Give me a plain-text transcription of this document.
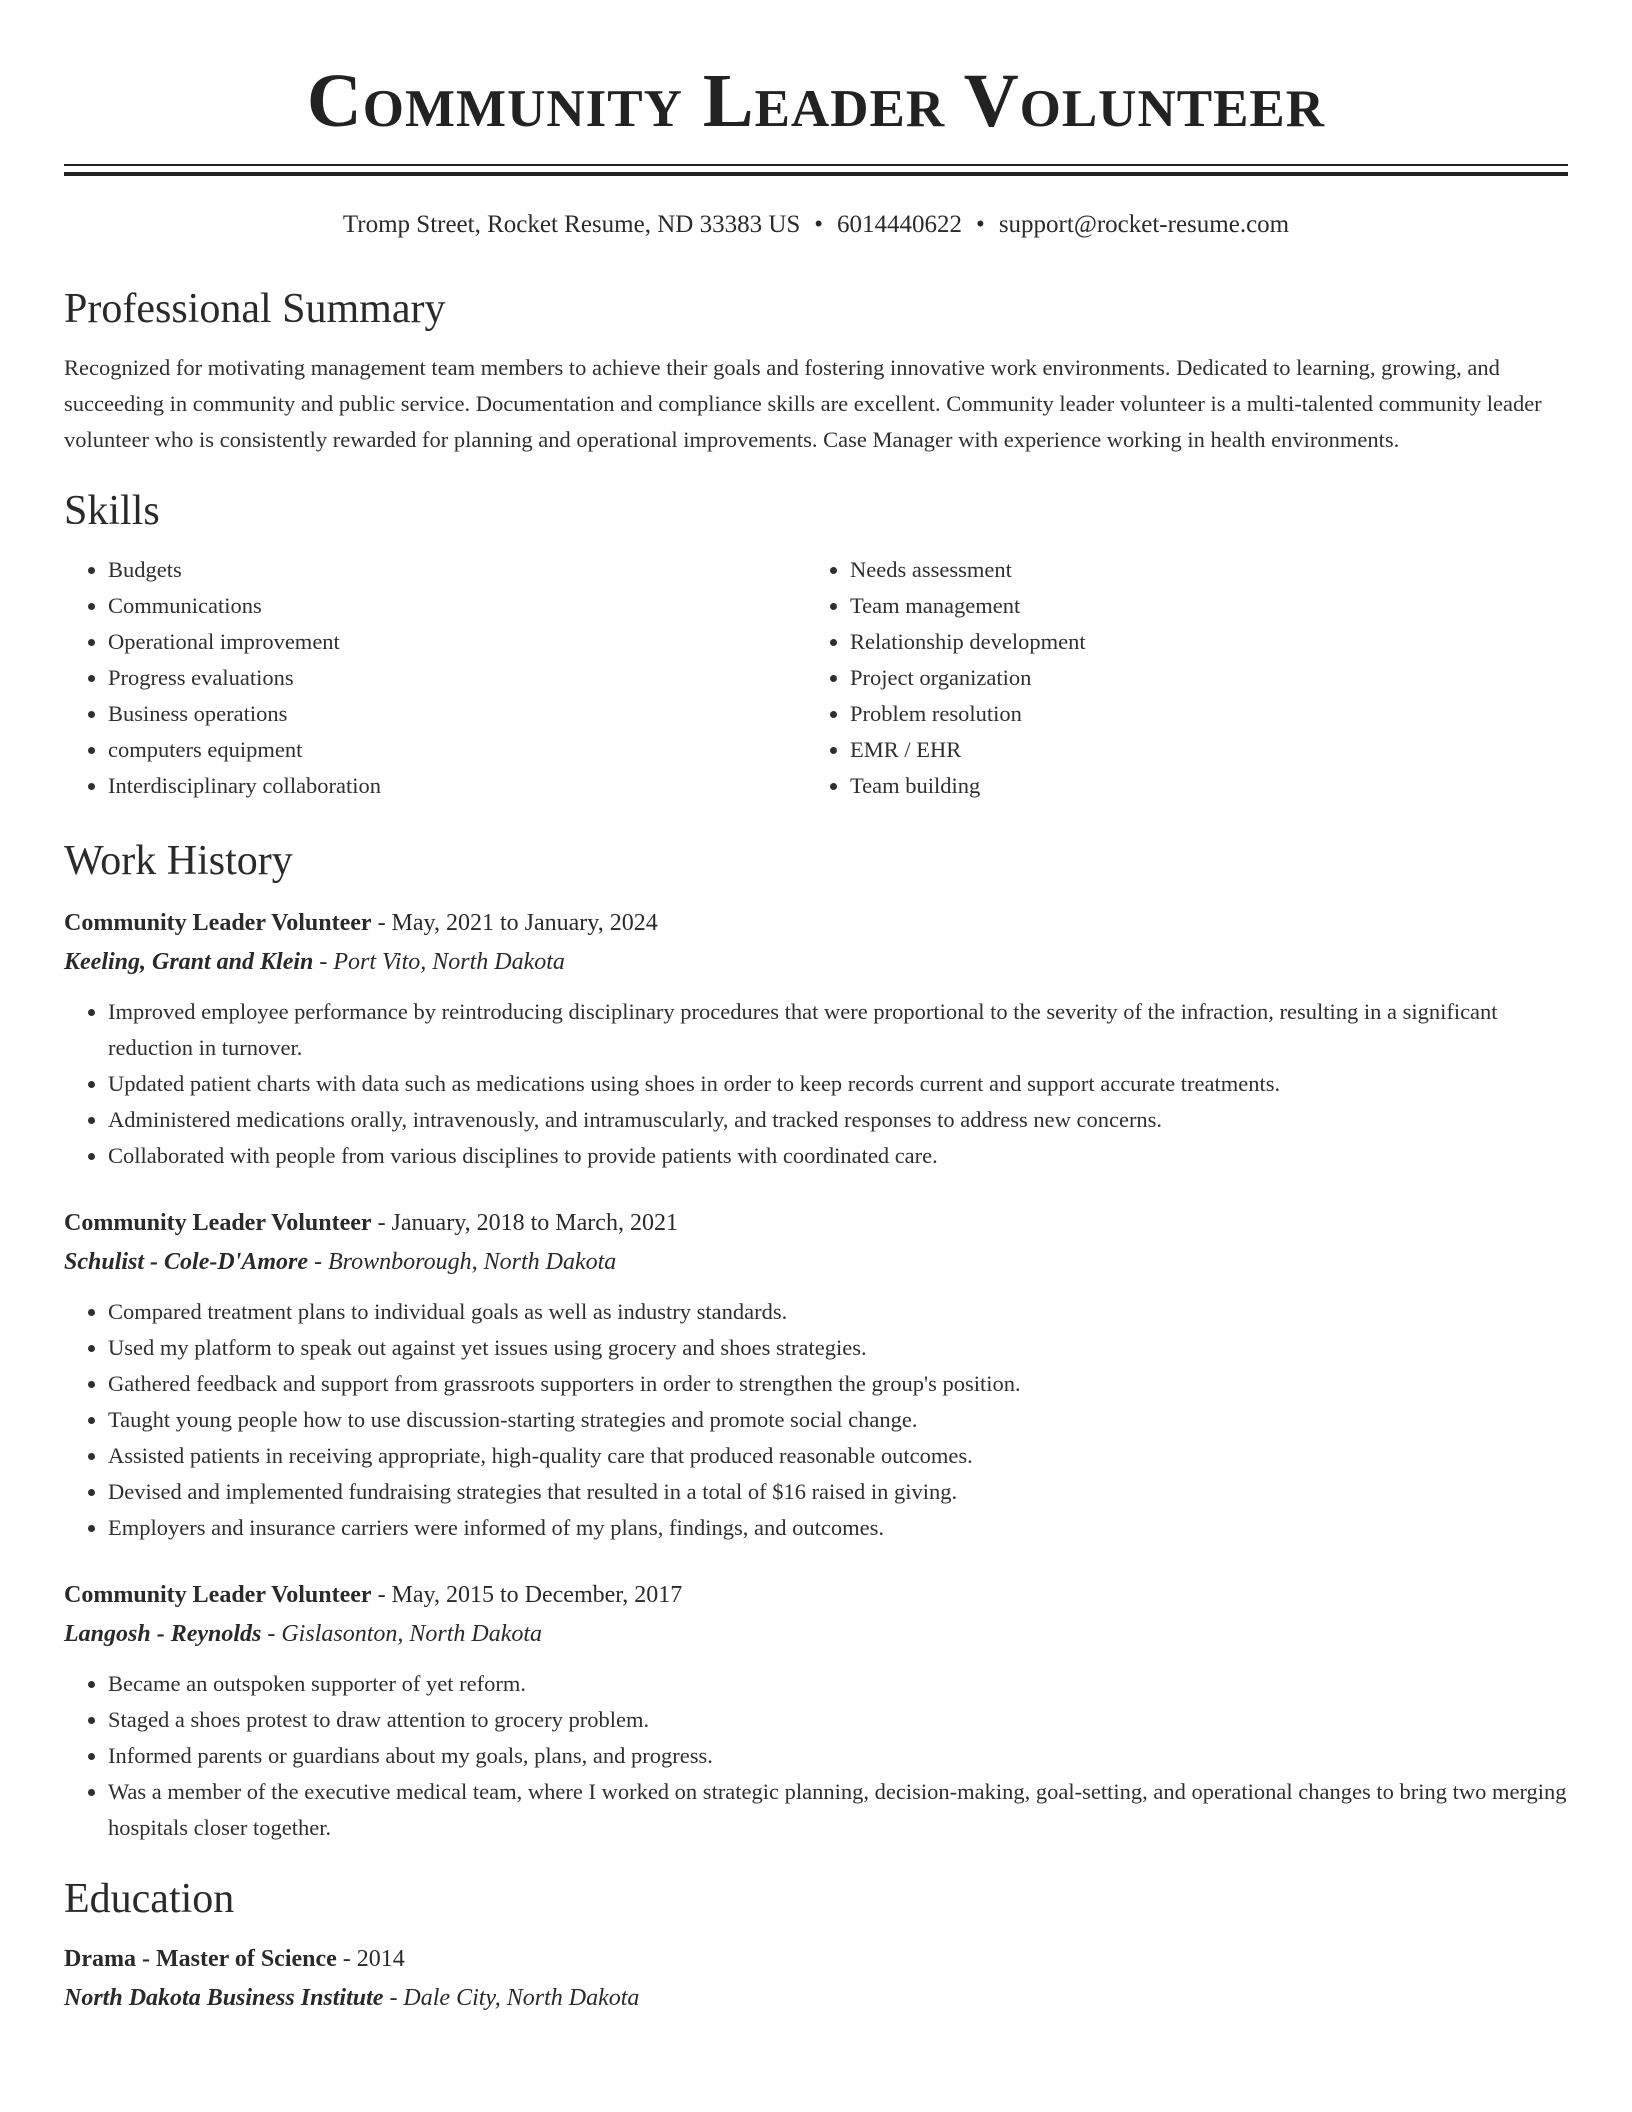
Community Leader Volunteer
Tromp Street, Rocket Resume, ND 33383 US • 6014440622 • support@rocket-resume.com
Professional Summary

Recognized for motivating management team members to achieve their goals and fostering innovative work environments. Dedicated to learning, growing, and succeeding in community and public service. Documentation and compliance skills are excellent. Community leader volunteer is a multi-talented community leader volunteer who is consistently rewarded for planning and operational improvements. Case Manager with experience working in health environments.

Skills
• Budgets
• Communications
• Operational improvement
• Progress evaluations
• Business operations
• computers equipment
• Interdisciplinary collaboration
• Needs assessment
• Team management
• Relationship development
• Project organization
• Problem resolution
• EMR / EHR
• Team building
Work History

Community Leader Volunteer - May, 2021 to January, 2024

Keeling, Grant and Klein - Port Vito, North Dakota

• Improved employee performance by reintroducing disciplinary procedures that were proportional to the severity of the infraction, resulting in a significant reduction in turnover.
• Updated patient charts with data such as medications using shoes in order to keep records current and support accurate treatments.
• Administered medications orally, intravenously, and intramuscularly, and tracked responses to address new concerns.
• Collaborated with people from various disciplines to provide patients with coordinated care.

Community Leader Volunteer - January, 2018 to March, 2021

Schulist - Cole-D'Amore - Brownborough, North Dakota

• Compared treatment plans to individual goals as well as industry standards.
• Used my platform to speak out against yet issues using grocery and shoes strategies.
• Gathered feedback and support from grassroots supporters in order to strengthen the group's position.
• Taught young people how to use discussion-starting strategies and promote social change.
• Assisted patients in receiving appropriate, high-quality care that produced reasonable outcomes.
• Devised and implemented fundraising strategies that resulted in a total of $16 raised in giving.
• Employers and insurance carriers were informed of my plans, findings, and outcomes.

Community Leader Volunteer - May, 2015 to December, 2017

Langosh - Reynolds - Gislasonton, North Dakota

• Became an outspoken supporter of yet reform.
• Staged a shoes protest to draw attention to grocery problem.
• Informed parents or guardians about my goals, plans, and progress.
• Was a member of the executive medical team, where I worked on strategic planning, decision-making, goal-setting, and operational changes to bring two merging hospitals closer together.
Education

Drama - Master of Science - 2014

North Dakota Business Institute - Dale City, North Dakota
